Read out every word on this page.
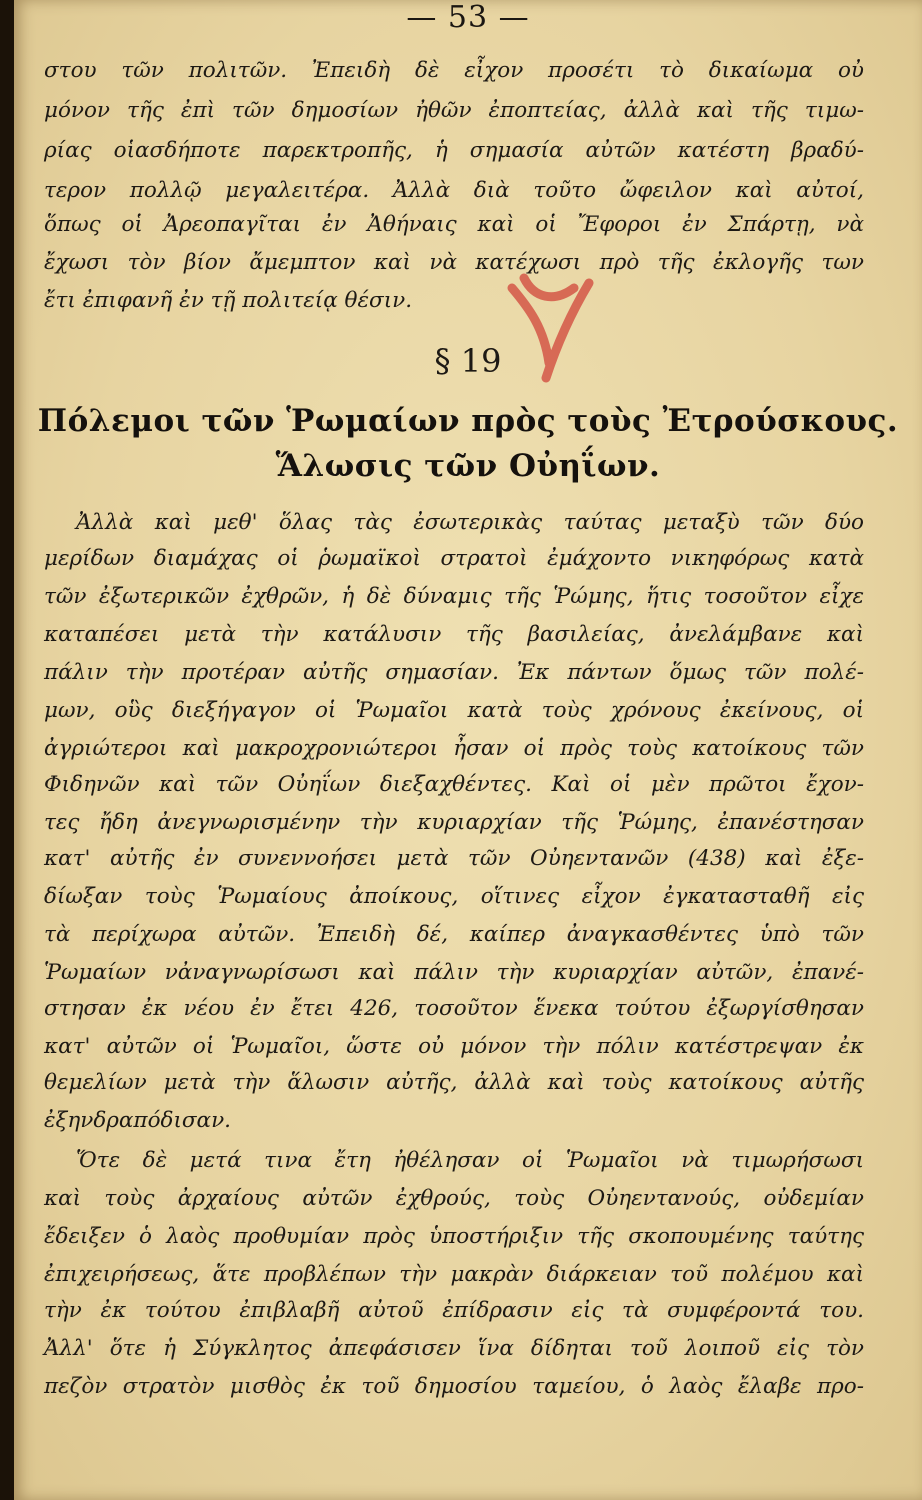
— 53 —
στου τῶν πολιτῶν. Ἐπειδὴ δὲ εἶχον προσέτι τὸ δικαίωμα οὐ
μόνον τῆς ἐπὶ τῶν δημοσίων ἠθῶν ἐποπτείας, ἀλλὰ καὶ τῆς τιμω-
ρίας οἱασδήποτε παρεκτροπῆς, ἡ σημασία αὐτῶν κατέστη βραδύ-
τερον πολλῷ μεγαλειτέρα. Ἀλλὰ διὰ τοῦτο ὤφειλον καὶ αὐτοί,
ὅπως οἱ Ἀρεοπαγῖται ἐν Ἀθήναις καὶ οἱ Ἔφοροι ἐν Σπάρτῃ, νὰ
ἔχωσι τὸν βίον ἄμεμπτον καὶ νὰ κατέχωσι πρὸ τῆς ἐκλογῆς των
ἔτι ἐπιφανῆ ἐν τῇ πολιτείᾳ θέσιν.
§ 19
Πόλεμοι τῶν Ῥωμαίων πρὸς τοὺς Ἐτρούσκους.
Ἅλωσις τῶν Οὐηΐων.
Ἀλλὰ καὶ μεθ' ὅλας τὰς ἐσωτερικὰς ταύτας μεταξὺ τῶν δύο
μερίδων διαμάχας οἱ ῥωμαϊκοὶ στρατοὶ ἐμάχοντο νικηφόρως κατὰ
τῶν ἐξωτερικῶν ἐχθρῶν, ἡ δὲ δύναμις τῆς Ῥώμης, ἥτις τοσοῦτον εἶχε
καταπέσει μετὰ τὴν κατάλυσιν τῆς βασιλείας, ἀνελάμβανε καὶ
πάλιν τὴν προτέραν αὐτῆς σημασίαν. Ἐκ πάντων ὅμως τῶν πολέ-
μων, οὓς διεξήγαγον οἱ Ῥωμαῖοι κατὰ τοὺς χρόνους ἐκείνους, οἱ
ἀγριώτεροι καὶ μακροχρονιώτεροι ἦσαν οἱ πρὸς τοὺς κατοίκους τῶν
Φιδηνῶν καὶ τῶν Οὐηΐων διεξαχθέντες. Καὶ οἱ μὲν πρῶτοι ἔχον-
τες ἤδη ἀνεγνωρισμένην τὴν κυριαρχίαν τῆς Ῥώμης, ἐπανέστησαν
κατ' αὐτῆς ἐν συνεννοήσει μετὰ τῶν Οὐηεντανῶν (438) καὶ ἐξε-
δίωξαν τοὺς Ῥωμαίους ἀποίκους, οἵτινες εἶχον ἐγκατασταθῆ εἰς
τὰ περίχωρα αὐτῶν. Ἐπειδὴ δέ, καίπερ ἀναγκασθέντες ὑπὸ τῶν
Ῥωμαίων νἀναγνωρίσωσι καὶ πάλιν τὴν κυριαρχίαν αὐτῶν, ἐπανέ-
στησαν ἐκ νέου ἐν ἔτει 426, τοσοῦτον ἕνεκα τούτου ἐξωργίσθησαν
κατ' αὐτῶν οἱ Ῥωμαῖοι, ὥστε οὐ μόνον τὴν πόλιν κατέστρεψαν ἐκ
θεμελίων μετὰ τὴν ἅλωσιν αὐτῆς, ἀλλὰ καὶ τοὺς κατοίκους αὐτῆς
ἐξηνδραπόδισαν.
Ὅτε δὲ μετά τινα ἔτη ἠθέλησαν οἱ Ῥωμαῖοι νὰ τιμωρήσωσι
καὶ τοὺς ἀρχαίους αὐτῶν ἐχθρούς, τοὺς Οὐηεντανούς, οὐδεμίαν
ἔδειξεν ὁ λαὸς προθυμίαν πρὸς ὑποστήριξιν τῆς σκοπουμένης ταύτης
ἐπιχειρήσεως, ἅτε προβλέπων τὴν μακρὰν διάρκειαν τοῦ πολέμου καὶ
τὴν ἐκ τούτου ἐπιβλαβῆ αὐτοῦ ἐπίδρασιν εἰς τὰ συμφέροντά του.
Ἀλλ' ὅτε ἡ Σύγκλητος ἀπεφάσισεν ἵνα δίδηται τοῦ λοιποῦ εἰς τὸν
πεζὸν στρατὸν μισθὸς ἐκ τοῦ δημοσίου ταμείου, ὁ λαὸς ἔλαβε προ-
